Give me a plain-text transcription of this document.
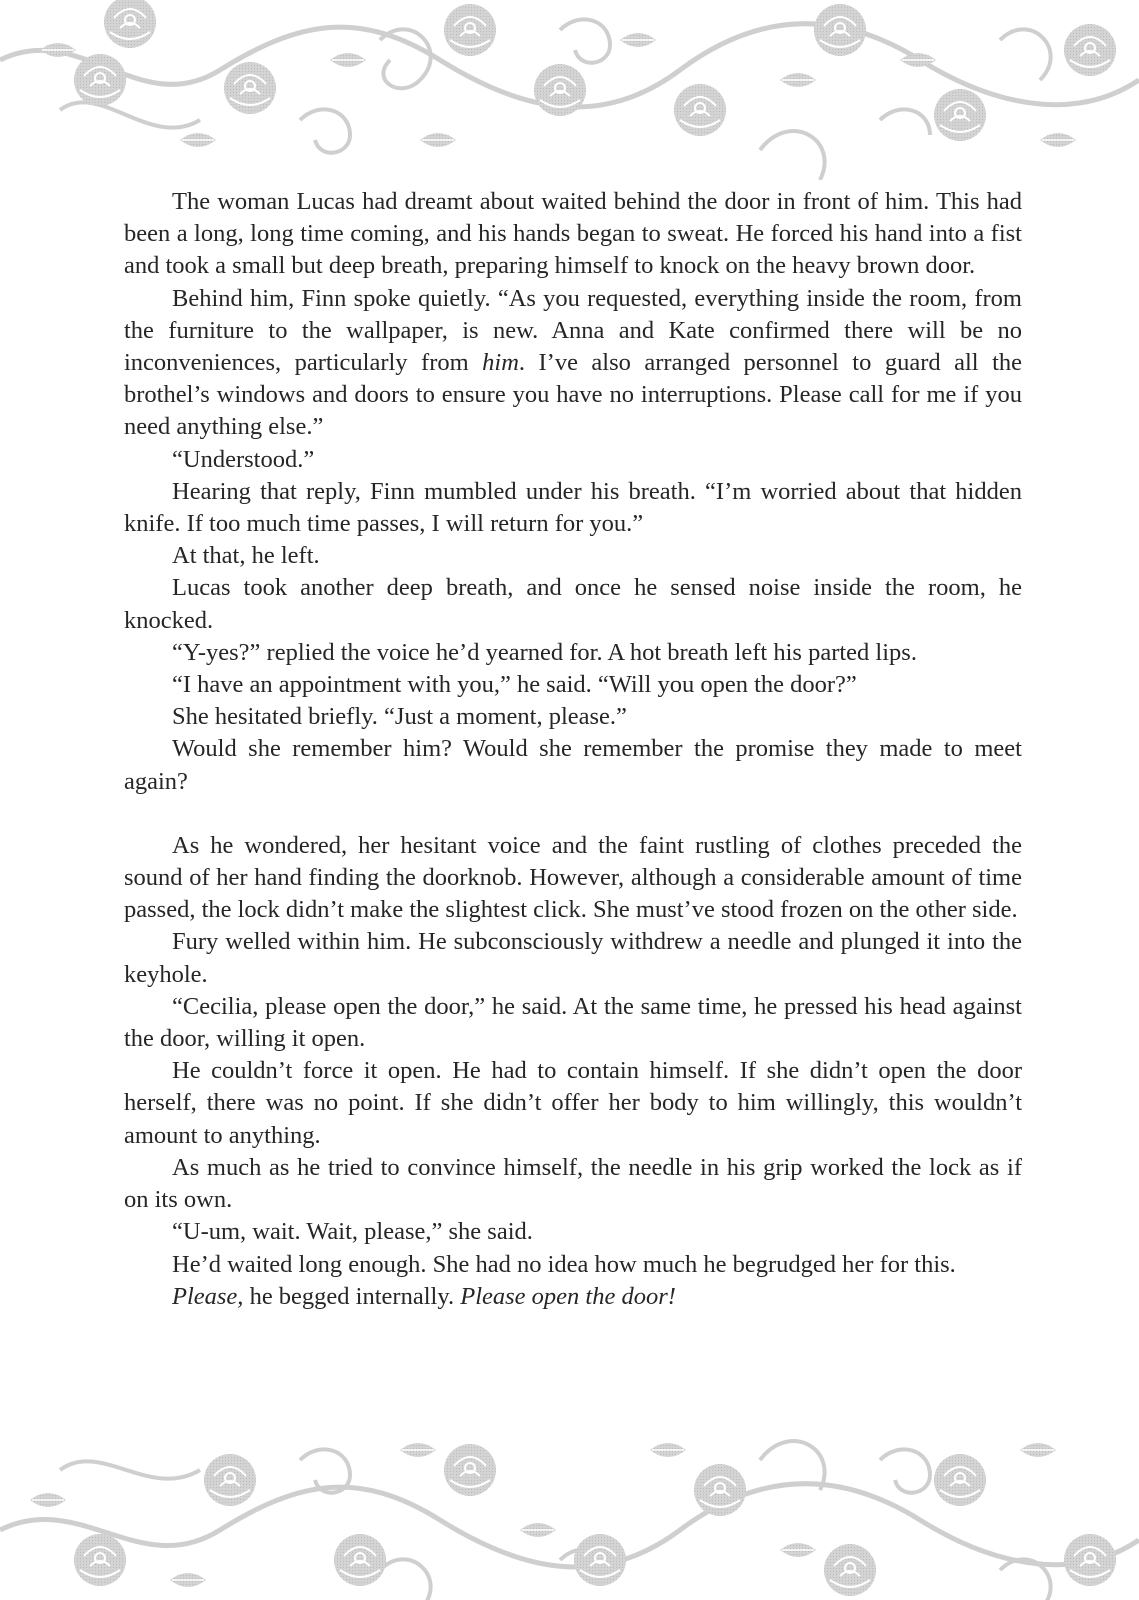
The woman Lucas had dreamt about waited behind the door in front of him. This had been a long, long time coming, and his hands began to sweat. He forced his hand into a fist and took a small but deep breath, preparing himself to knock on the heavy brown door.

Behind him, Finn spoke quietly. “As you requested, everything inside the room, from the furniture to the wallpaper, is new. Anna and Kate confirmed there will be no inconveniences, particularly from him. I’ve also arranged personnel to guard all the brothel’s windows and doors to ensure you have no interruptions. Please call for me if you need anything else.”

“Understood.”

Hearing that reply, Finn mumbled under his breath. “I’m worried about that hidden knife. If too much time passes, I will return for you.”

At that, he left.

Lucas took another deep breath, and once he sensed noise inside the room, he knocked.

“Y-yes?” replied the voice he’d yearned for. A hot breath left his parted lips.

“I have an appointment with you,” he said. “Will you open the door?”

She hesitated briefly. “Just a moment, please.”

Would she remember him? Would she remember the promise they made to meet again?

As he wondered, her hesitant voice and the faint rustling of clothes preceded the sound of her hand finding the doorknob. However, although a considerable amount of time passed, the lock didn’t make the slightest click. She must’ve stood frozen on the other side.

Fury welled within him. He subconsciously withdrew a needle and plunged it into the keyhole.

“Cecilia, please open the door,” he said. At the same time, he pressed his head against the door, willing it open.

He couldn’t force it open. He had to contain himself. If she didn’t open the door herself, there was no point. If she didn’t offer her body to him willingly, this wouldn’t amount to anything.

As much as he tried to convince himself, the needle in his grip worked the lock as if on its own.

“U-um, wait. Wait, please,” she said.

He’d waited long enough. She had no idea how much he begrudged her for this.

Please, he begged internally. Please open the door!
